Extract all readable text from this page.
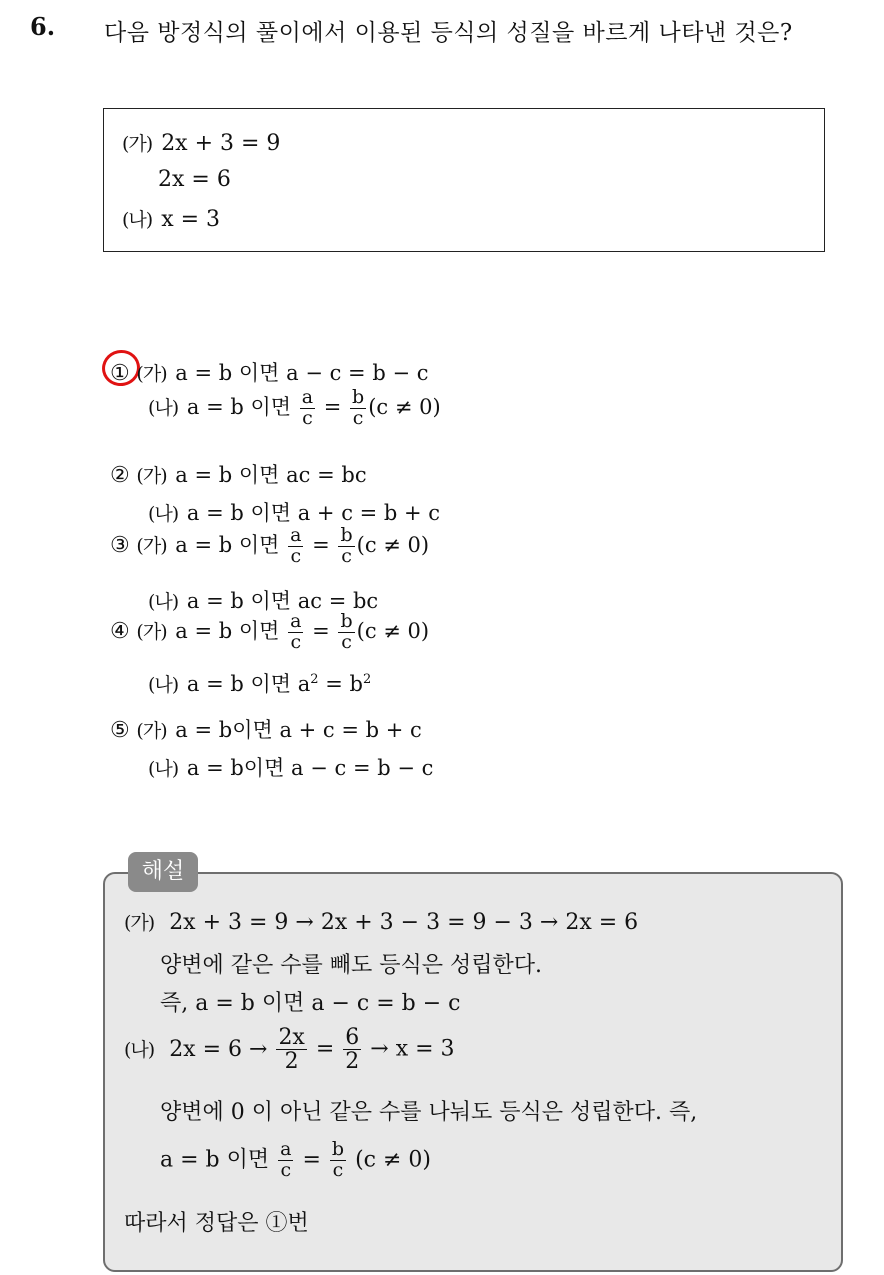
6. 다음 방정식의 풀이에서 이용된 등식의 성질을 바르게 나타낸 것은?
(가) 2x + 3 = 9
2x = 6
(나) x = 3
① (가) a = b 이면 a − c = b − c
(나) a = b 이면 $\frac{a}{c} = \frac{b}{c} (c \ne 0)$
② (가) a = b 이면 ac = bc
(나) a = b 이면 a + c = b + c
③ (가) a = b 이면 $\frac{a}{c} = \frac{b}{c} (c \ne 0)$
(나) a = b 이면 ac = bc
④ (가) a = b 이면 $\frac{a}{c} = \frac{b}{c} (c \ne 0)$
(나) a = b 이면 $a^2 = b^2$
⑤ (가) a = b이면 a + c = b + c
(나) a = b이면 a − c = b − c
해설
(가) 2x + 3 = 9 → 2x + 3 − 3 = 9 − 3 → 2x = 6
양변에 같은 수를 빼도 등식은 성립한다.
즉, a = b 이면 a − c = b − c
(나) $2x = 6 \to \frac{2x}{2} = \frac{6}{2} \to x = 3$
양변에 0 이 아닌 같은 수를 나눠도 등식은 성립한다. 즉,
a = b 이면 $\frac{a}{c} = \frac{b}{c} (c \ne 0)$
따라서 정답은 ①번
